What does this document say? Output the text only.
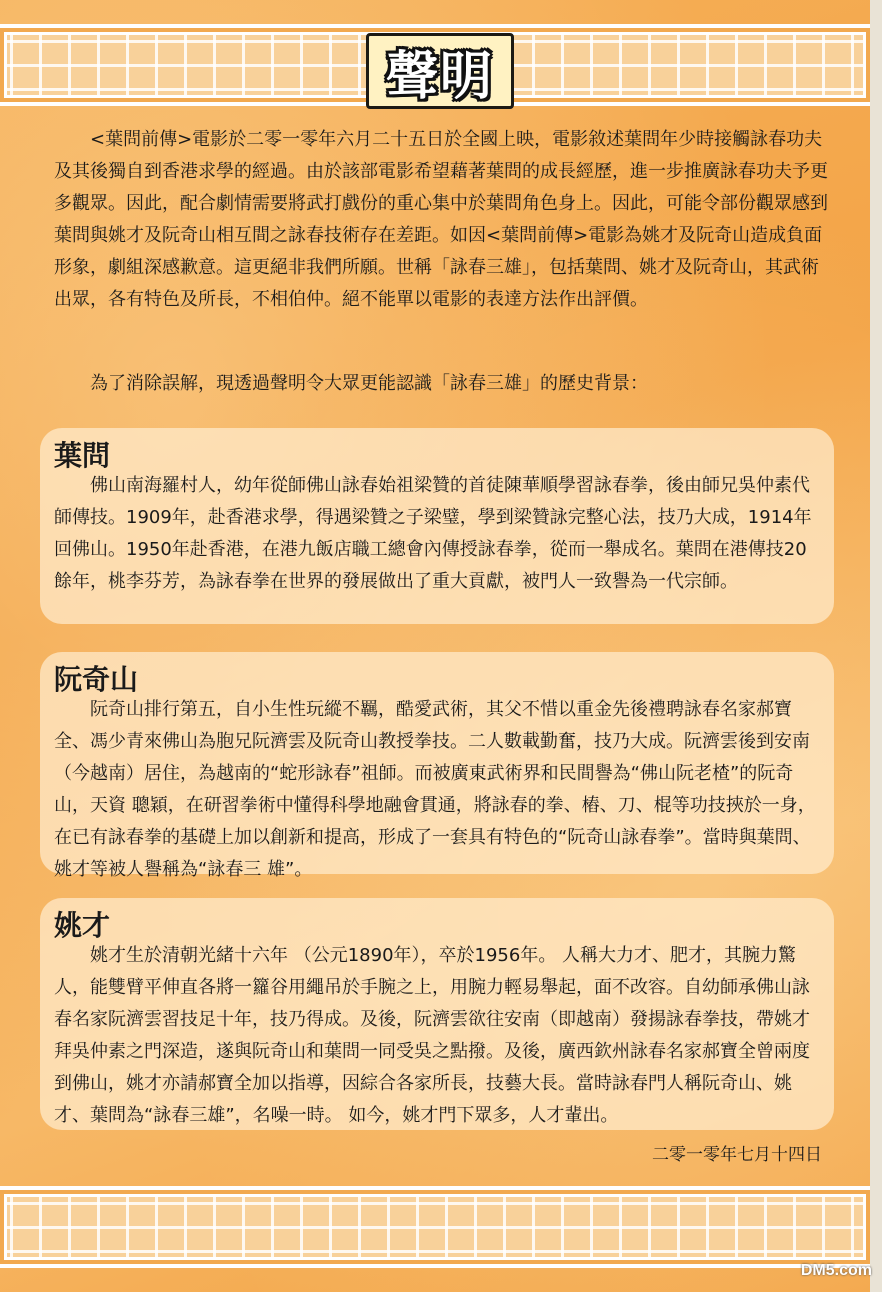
聲明

<葉問前傳>電影於二零一零年六月二十五日於全國上映，電影敘述葉問年少時接觸詠春功夫及其後獨自到香港求學的經過。由於該部電影希望藉著葉問的成長經歷，進一步推廣詠春功夫予更多觀眾。因此，配合劇情需要將武打戲份的重心集中於葉問角色身上。因此，可能令部份觀眾感到葉問與姚才及阮奇山相互間之詠春技術存在差距。如因<葉問前傳>電影為姚才及阮奇山造成負面形象，劇組深感歉意。這更絕非我們所願。世稱「詠春三雄」，包括葉問、姚才及阮奇山，其武術出眾，各有特色及所長，不相伯仲。絕不能單以電影的表達方法作出評價。

為了消除誤解，現透過聲明令大眾更能認識「詠春三雄」的歷史背景：

葉問

佛山南海羅村人，幼年從師佛山詠春始祖梁贊的首徒陳華順學習詠春拳，後由師兄吳仲素代師傳技。1909年，赴香港求學，得遇梁贊之子梁璧，學到梁贊詠完整心法，技乃大成，1914年回佛山。1950年赴香港，在港九飯店職工總會內傳授詠春拳，從而一舉成名。葉問在港傳技20餘年，桃李芬芳，為詠春拳在世界的發展做出了重大貢獻，被門人一致譽為一代宗師。

阮奇山

阮奇山排行第五，自小生性玩縱不羈，酷愛武術，其父不惜以重金先後禮聘詠春名家郝寶全、馮少青來佛山為胞兄阮濟雲及阮奇山教授拳技。二人數載勤奮，技乃大成。阮濟雲後到安南（今越南）居住，為越南的“蛇形詠春”祖師。而被廣東武術界和民間譽為“佛山阮老楂”的阮奇山，天資 聰穎，在研習拳術中懂得科學地融會貫通，將詠春的拳、樁、刀、棍等功技挾於一身，在已有詠春拳的基礎上加以創新和提高，形成了一套具有特色的“阮奇山詠春拳”。當時與葉問、姚才等被人譽稱為“詠春三 雄”。

姚才

姚才生於清朝光緒十六年 （公元1890年），卒於1956年。 人稱大力才、肥才，其腕力驚人，能雙臂平伸直各將一籮谷用繩吊於手腕之上，用腕力輕易舉起，面不改容。自幼師承佛山詠春名家阮濟雲習技足十年，技乃得成。及後，阮濟雲欲往安南（即越南）發揚詠春拳技，帶姚才拜吳仲素之門深造，遂與阮奇山和葉問一同受吳之點撥。及後，廣西欽州詠春名家郝寶全曾兩度到佛山，姚才亦請郝寶全加以指導，因綜合各家所長，技藝大長。當時詠春門人稱阮奇山、姚才、葉問為“詠春三雄”，名噪一時。 如今，姚才門下眾多，人才輩出。

二零一零年七月十四日
DM5.com
